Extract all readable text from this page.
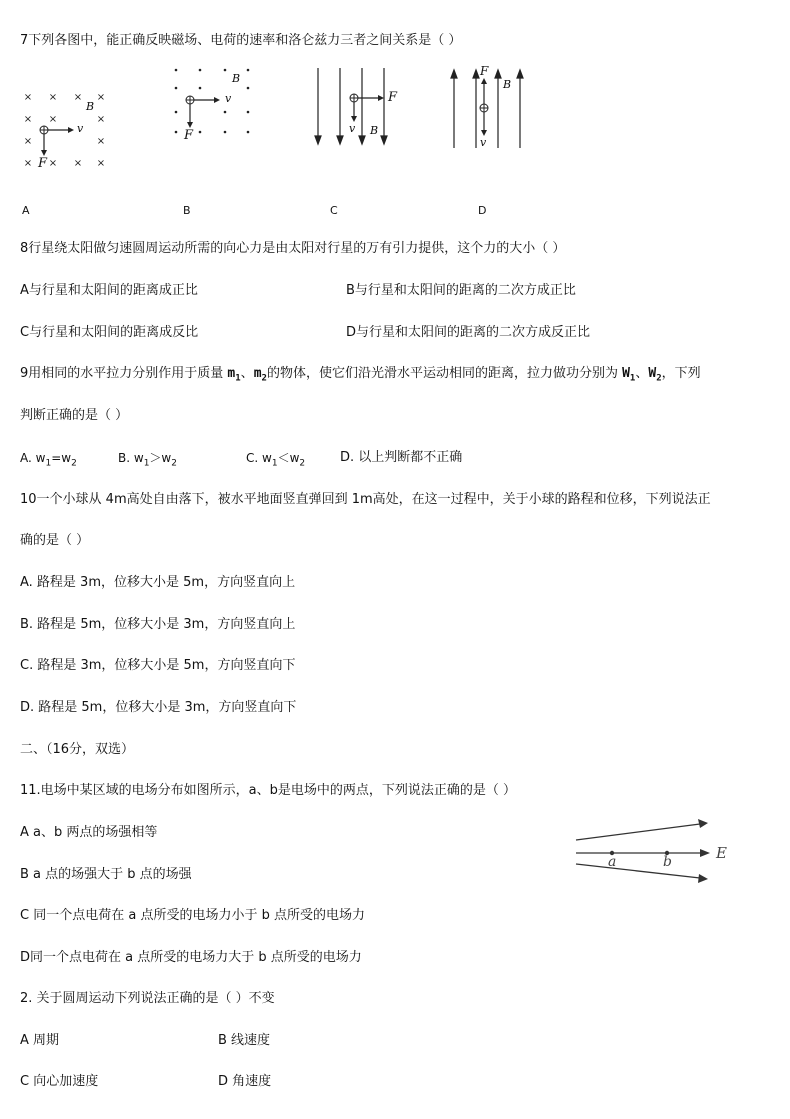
7下列各图中，能正确反映磁场、电荷的速率和洛仑兹力三者之间关系是（ ）
× × × ×
× ×	×
×	×
× × × ×
B
v
F
B
v
F
F
v B
F
B
v
A	B	C	D
8行星绕太阳做匀速圆周运动所需的向心力是由太阳对行星的万有引力提供，这个力的大小（ ）
A与行星和太阳间的距离成正比	B与行星和太阳间的距离的二次方成正比
C与行星和太阳间的距离成反比	D与行星和太阳间的距离的二次方成反正比
9用相同的水平拉力分别作用于质量 $m_1$、$m_2$的物体，使它们沿光滑水平运动相同的距离，拉力做功分别为 $W_1$、$W_2$，下列
判断正确的是（ ）
A. $w_1=w_2$	B. $w_1>w_2$	C. $w_1<w_2$	D. 以上判断都不正确
10一个小球从 4m高处自由落下，被水平地面竖直弹回到 1m高处，在这一过程中，关于小球的路程和位移，下列说法正
确的是（ ）
A. 路程是 3m，位移大小是 5m，方向竖直向上
B. 路程是 5m，位移大小是 3m，方向竖直向上
C. 路程是 3m，位移大小是 5m，方向竖直向下
D. 路程是 5m，位移大小是 3m，方向竖直向下
二、（16分，双选）
11.电场中某区域的电场分布如图所示，a、b是电场中的两点，下列说法正确的是（ ）
A a、b 两点的场强相等
B a 点的场强大于 b 点的场强
C 同一个点电荷在 a 点所受的电场力小于 b 点所受的电场力
D同一个点电荷在 a 点所受的电场力大于 b 点所受的电场力
a	b	E
2. 关于圆周运动下列说法正确的是（ ）不变
A 周期	B 线速度
C 向心加速度	D 角速度
